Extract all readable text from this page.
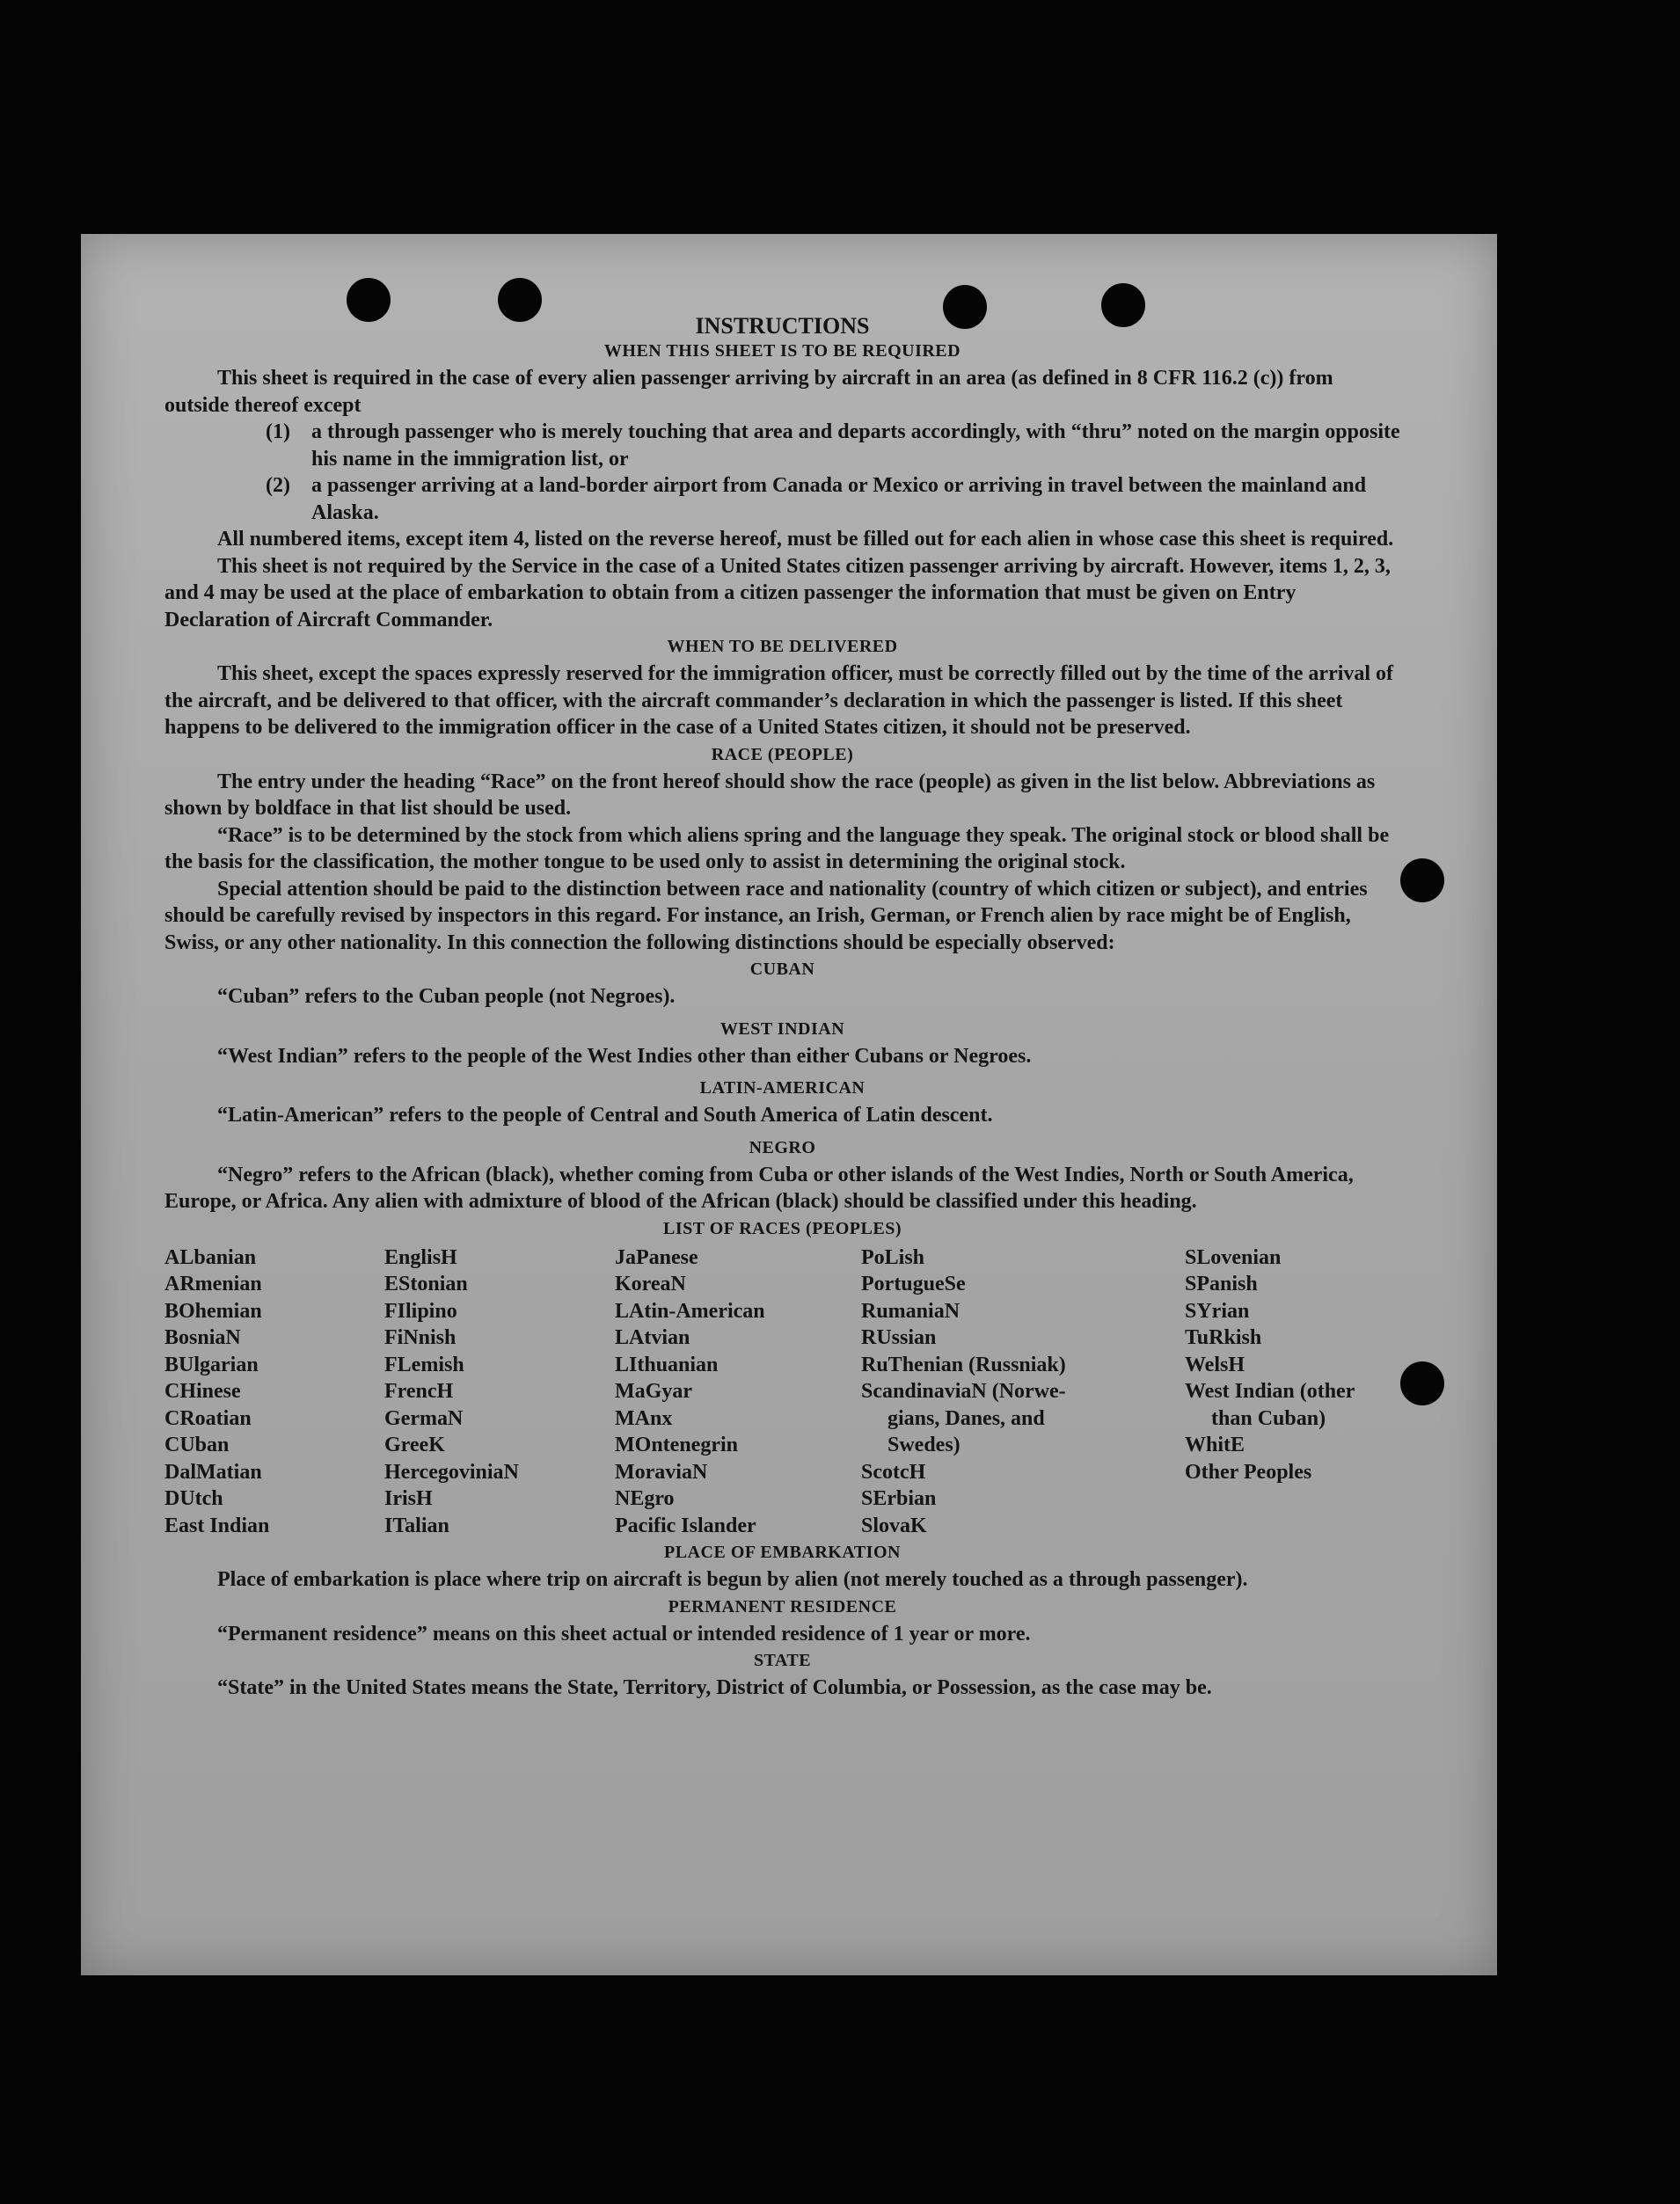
INSTRUCTIONS

WHEN THIS SHEET IS TO BE REQUIRED

This sheet is required in the case of every alien passenger arriving by aircraft in an area (as defined in 8 CFR 116.2 (c)) from outside thereof except

(1)	a through passenger who is merely touching that area and departs accordingly, with “thru” noted on the margin opposite his name in the immigration list, or
(2)	a passenger arriving at a land-border airport from Canada or Mexico or arriving in travel between the mainland and Alaska.

All numbered items, except item 4, listed on the reverse hereof, must be filled out for each alien in whose case this sheet is required.

This sheet is not required by the Service in the case of a United States citizen passenger arriving by aircraft. However, items 1, 2, 3, and 4 may be used at the place of embarkation to obtain from a citizen passenger the information that must be given on Entry Declaration of Aircraft Commander.

WHEN TO BE DELIVERED

This sheet, except the spaces expressly reserved for the immigration officer, must be correctly filled out by the time of the arrival of the aircraft, and be delivered to that officer, with the aircraft commander’s declaration in which the passenger is listed. If this sheet happens to be delivered to the immigration officer in the case of a United States citizen, it should not be preserved.

RACE (PEOPLE)

The entry under the heading “Race” on the front hereof should show the race (people) as given in the list below. Abbreviations as shown by boldface in that list should be used.

“Race” is to be determined by the stock from which aliens spring and the language they speak. The original stock or blood shall be the basis for the classification, the mother tongue to be used only to assist in determining the original stock.

Special attention should be paid to the distinction between race and nationality (country of which citizen or subject), and entries should be carefully revised by inspectors in this regard. For instance, an Irish, German, or French alien by race might be of English, Swiss, or any other nationality. In this connection the following distinctions should be especially observed:

CUBAN

“Cuban” refers to the Cuban people (not Negroes).

WEST INDIAN

“West Indian” refers to the people of the West Indies other than either Cubans or Negroes.

LATIN-AMERICAN

“Latin-American” refers to the people of Central and South America of Latin descent.

NEGRO

“Negro” refers to the African (black), whether coming from Cuba or other islands of the West Indies, North or South America, Europe, or Africa. Any alien with admixture of blood of the African (black) should be classified under this heading.

LIST OF RACES (PEOPLES)

ALbanian
ARmenian
BOhemian
BosniaN
BUlgarian
CHinese
CRoatian
CUban
DalMatian
DUtch
East Indian
EnglisH
EStonian
FIlipino
FiNnish
FLemish
FrencH
GermaN
GreeK
HercegoviniaN
IrisH
ITalian
JaPanese
KoreaN
LAtin-American
LAtvian
LIthuanian
MaGyar
MAnx
MOntenegrin
MoraviaN
NEgro
Pacific Islander
PoLish
PortugueSe
RumaniaN
RUssian
RuThenian (Russniak)
ScandinaviaN (Norwe-
gians, Danes, and
Swedes)
ScotcH
SErbian
SlovaK
SLovenian
SPanish
SYrian
TuRkish
WelsH
West Indian (other
than Cuban)
WhitE
Other Peoples

PLACE OF EMBARKATION

Place of embarkation is place where trip on aircraft is begun by alien (not merely touched as a through passenger).

PERMANENT RESIDENCE

“Permanent residence” means on this sheet actual or intended residence of 1 year or more.

STATE

“State” in the United States means the State, Territory, District of Columbia, or Possession, as the case may be.
